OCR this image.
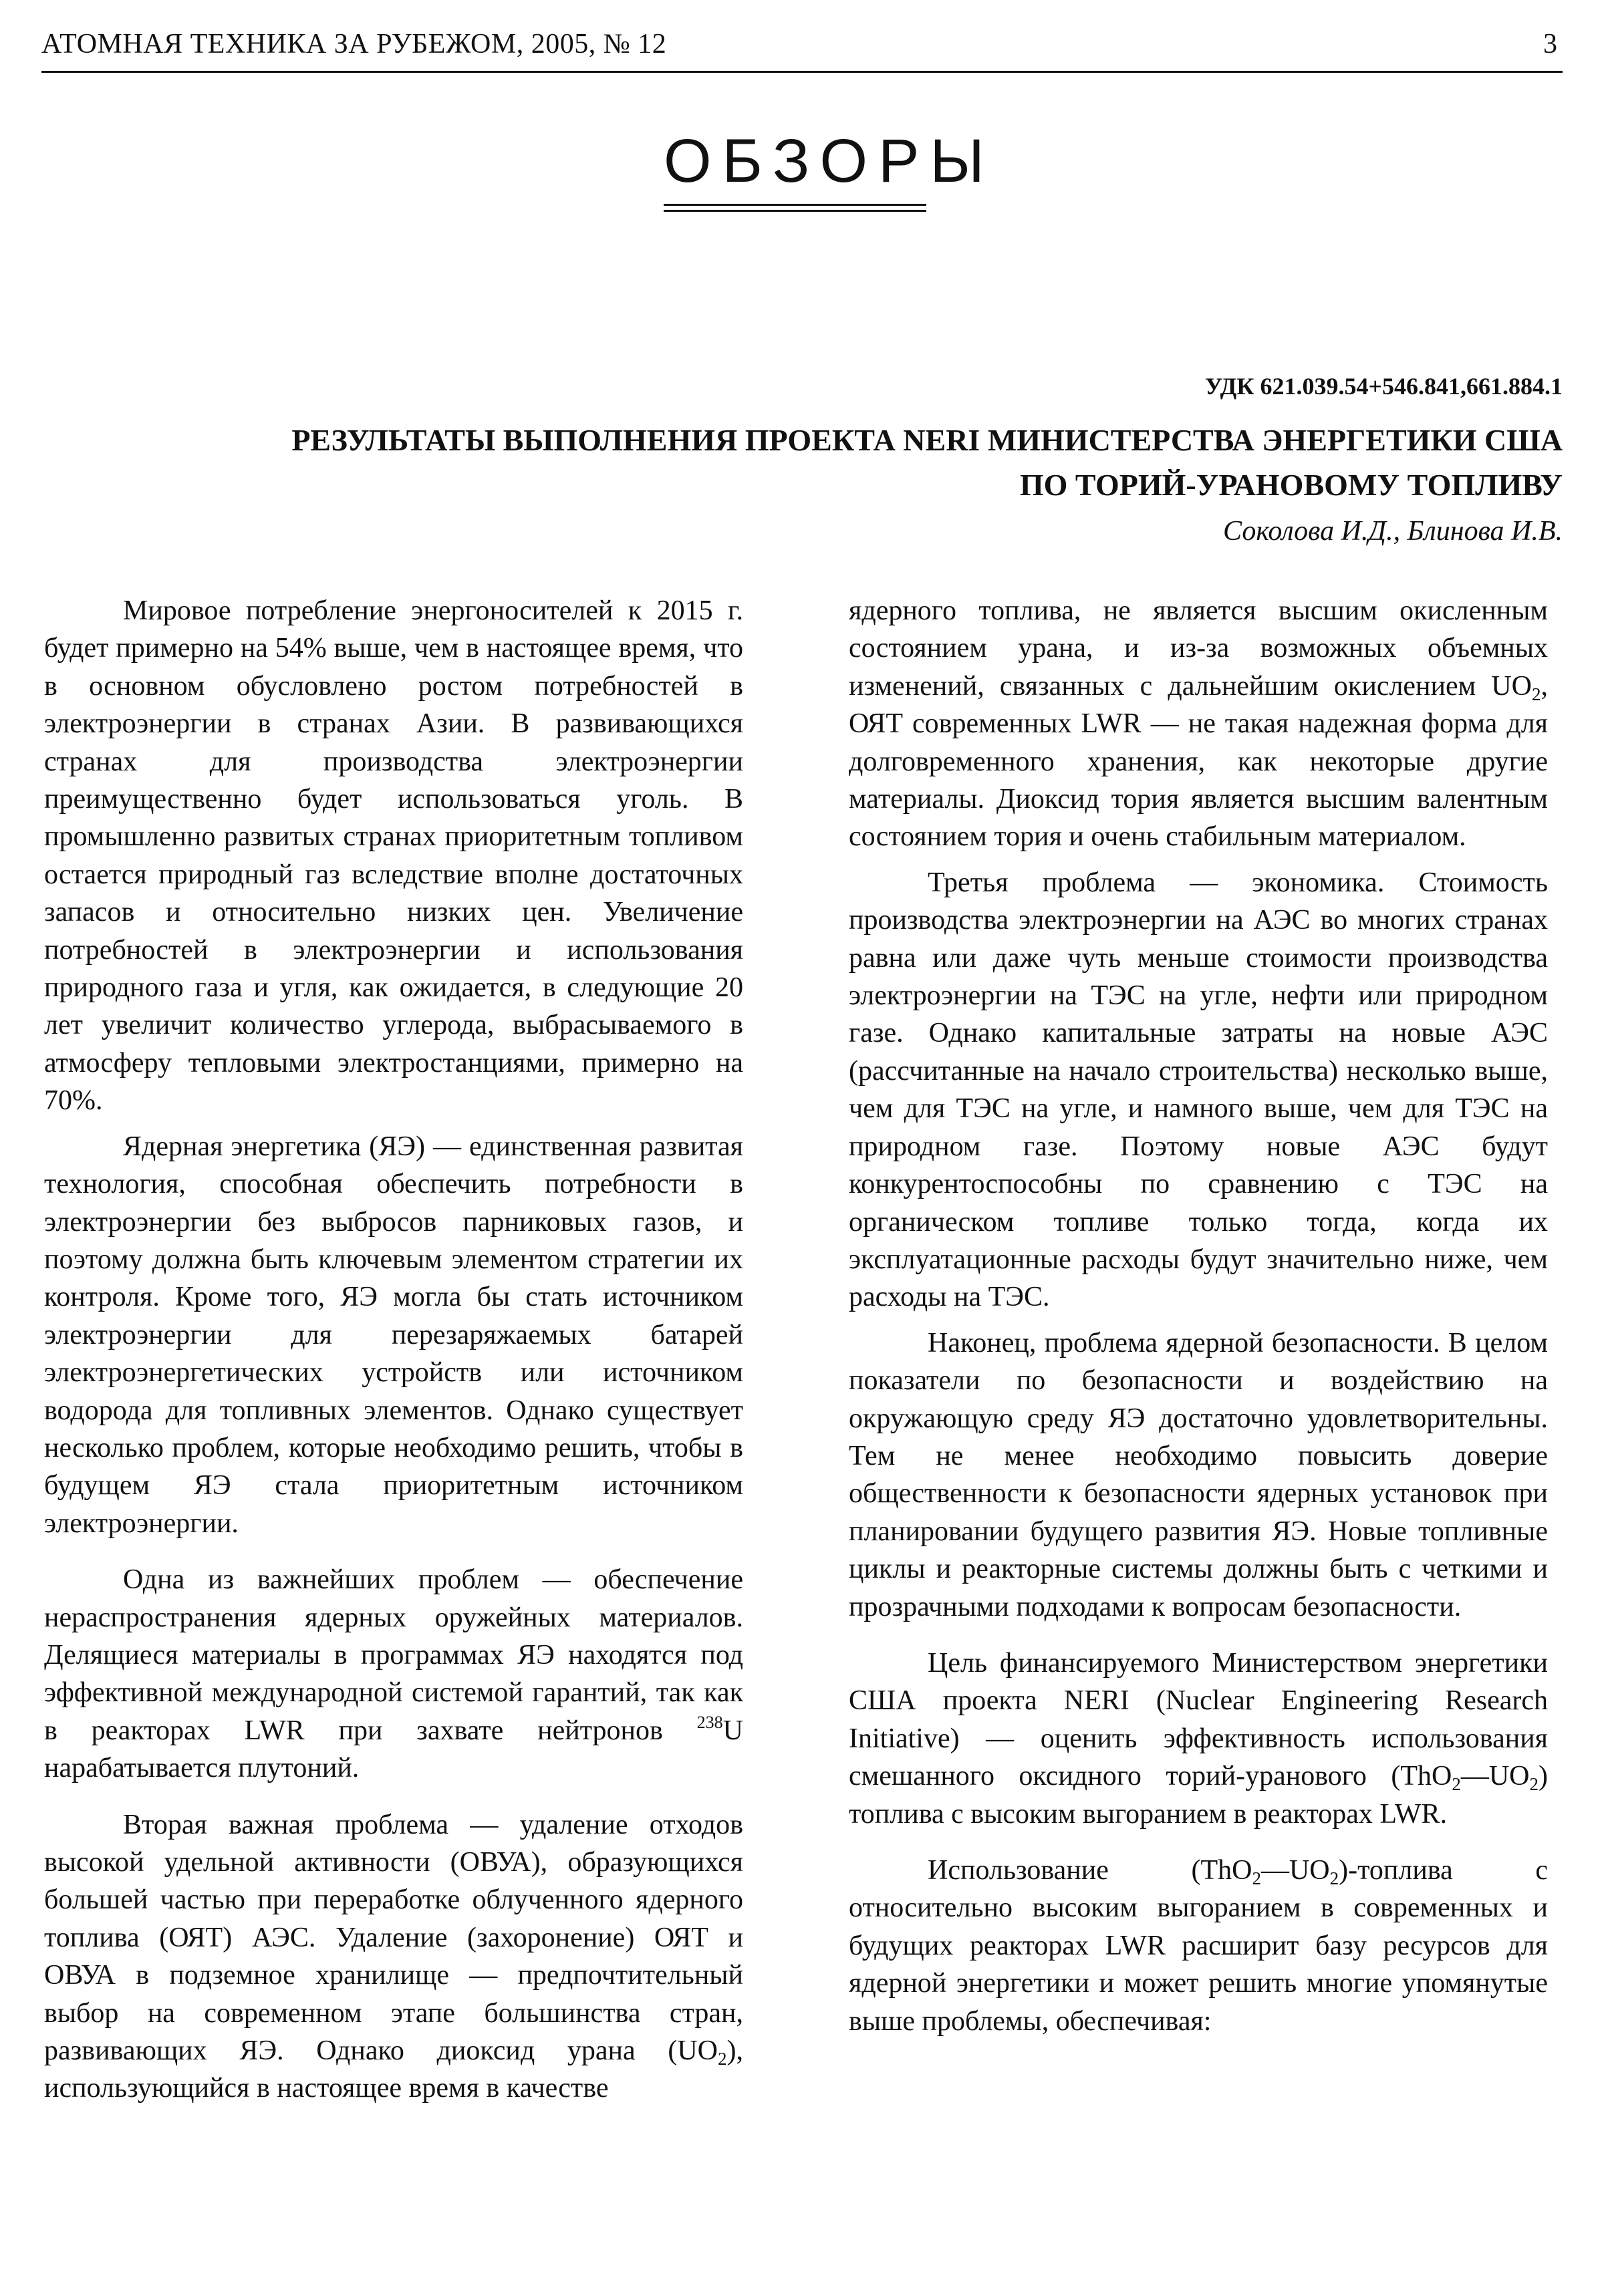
АТОМНАЯ ТЕХНИКА ЗА РУБЕЖОМ, 2005, № 12	3
ОБЗОРЫ
УДК 621.039.54+546.841,661.884.1
РЕЗУЛЬТАТЫ ВЫПОЛНЕНИЯ ПРОЕКТА NERI МИНИСТЕРСТВА ЭНЕРГЕТИКИ США
ПО ТОРИЙ-УРАНОВОМУ ТОПЛИВУ
Соколова И.Д., Блинова И.В.

Мировое потребление энергоносителей к 2015 г. будет примерно на 54% выше, чем в настоящее время, что в основном обусловлено ростом потребностей в электроэнергии в странах Азии. В развивающихся странах для производства электроэнергии преимущественно будет использоваться уголь. В промышленно развитых странах приоритетным топливом остается природный газ вследствие вполне достаточных запасов и относительно низких цен. Увеличение потребностей в электроэнергии и использования природного газа и угля, как ожидается, в следующие 20 лет увеличит количество углерода, выбрасываемого в атмосферу тепловыми электростанциями, примерно на 70%.

Ядерная энергетика (ЯЭ) — единственная развитая технология, способная обеспечить потребности в электроэнергии без выбросов парниковых газов, и поэтому должна быть ключевым элементом стратегии их контроля. Кроме того, ЯЭ могла бы стать источником электроэнергии для перезаряжаемых батарей электроэнергетических устройств или источником водорода для топливных элементов. Однако существует несколько проблем, которые необходимо решить, чтобы в будущем ЯЭ стала приоритетным источником электроэнергии.

Одна из важнейших проблем — обеспечение нераспространения ядерных оружейных материалов. Делящиеся материалы в программах ЯЭ находятся под эффективной международной системой гарантий, так как в реакторах LWR при захвате нейтронов $^{238}$U нарабатывается плутоний.

Вторая важная проблема — удаление отходов высокой удельной активности (ОВУА), образующихся большей частью при переработке облученного ядерного топлива (ОЯТ) АЭС. Удаление (захоронение) ОЯТ и ОВУА в подземное хранилище — предпочтительный выбор на современном этапе большинства стран, развивающих ЯЭ. Однако диоксид урана $(UO_2)$, использующийся в настоящее время в качестве

ядерного топлива, не является высшим окисленным состоянием урана, и из-за возможных объемных изменений, связанных с дальнейшим окислением $UO_2$, ОЯТ современных LWR — не такая надежная форма для долговременного хранения, как некоторые другие материалы. Диоксид тория является высшим валентным состоянием тория и очень стабильным материалом.

Третья проблема — экономика. Стоимость производства электроэнергии на АЭС во многих странах равна или даже чуть меньше стоимости производства электроэнергии на ТЭС на угле, нефти или природном газе. Однако капитальные затраты на новые АЭС (рассчитанные на начало строительства) несколько выше, чем для ТЭС на угле, и намного выше, чем для ТЭС на природном газе. Поэтому новые АЭС будут конкурентоспособны по сравнению с ТЭС на органическом топливе только тогда, когда их эксплуатационные расходы будут значительно ниже, чем расходы на ТЭС.

Наконец, проблема ядерной безопасности. В целом показатели по безопасности и воздействию на окружающую среду ЯЭ достаточно удовлетворительны. Тем не менее необходимо повысить доверие общественности к безопасности ядерных установок при планировании будущего развития ЯЭ. Новые топливные циклы и реакторные системы должны быть с четкими и прозрачными подходами к вопросам безопасности.

Цель финансируемого Министерством энергетики США проекта NERI (Nuclear Engineering Research Initiative) — оценить эффективность использования смешанного оксидного торий-уранового $(ThO_2—UO_2)$ топлива с высоким выгоранием в реакторах LWR.

Использование $(ThO_2—UO_2)$-топлива с относительно высоким выгоранием в современных и будущих реакторах LWR расширит базу ресурсов для ядерной энергетики и может решить многие упомянутые выше проблемы, обеспечивая:
